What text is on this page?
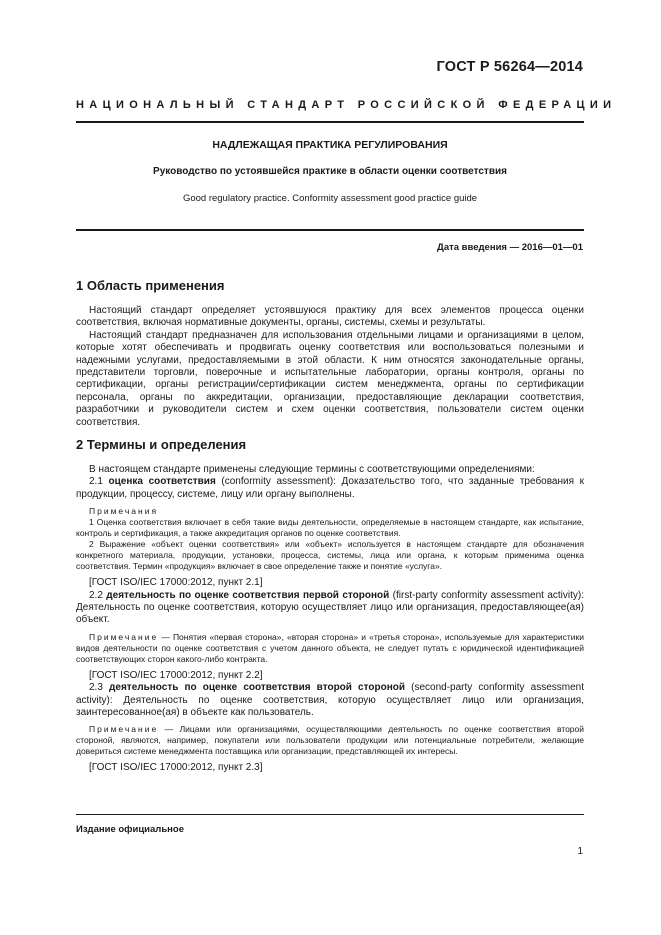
ГОСТ Р 56264—2014
НАЦИОНАЛЬНЫЙ СТАНДАРТ РОССИЙСКОЙ ФЕДЕРАЦИИ
НАДЛЕЖАЩАЯ ПРАКТИКА РЕГУЛИРОВАНИЯ
Руководство по устоявшейся практике в области оценки соответствия
Good regulatory practice. Conformity assessment good practice guide
Дата введения — 2016—01—01
1 Область применения

Настоящий стандарт определяет устоявшуюся практику для всех элементов процесса оценки соответствия, включая нормативные документы, органы, системы, схемы и результаты.

Настоящий стандарт предназначен для использования отдельными лицами и организациями в целом, которые хотят обеспечивать и продвигать оценку соответствия или воспользоваться полезными и надежными услугами, предоставляемыми в этой области. К ним относятся законодательные органы, представители торговли, поверочные и испытательные лаборатории, органы контроля, органы по сертификации, органы регистрации/сертификации систем менеджмента, органы по сертификации персонала, органы по аккредитации, организации, предоставляющие декларации соответствия, разработчики и руководители систем и схем оценки соответствия, пользователи систем оценки соответствия.

2 Термины и определения

В настоящем стандарте применены следующие термины с соответствующими определениями:

2.1 оценка соответствия (conformity assessment): Доказательство того, что заданные требования к продукции, процессу, системе, лицу или органу выполнены.

Примечания

1 Оценка соответствия включает в себя такие виды деятельности, определяемые в настоящем стандарте, как испытание, контроль и сертификация, а также аккредитация органов по оценке соответствия.

2 Выражение «объект оценки соответствия» или «объект» используется в настоящем стандарте для обозначения конкретного материала, продукции, установки, процесса, системы, лица или органа, к которым применима оценка соответствия. Термин «продукция» включает в свое определение также и понятие «услуга».

[ГОСТ ISO/IEC 17000:2012, пункт 2.1]

2.2 деятельность по оценке соответствия первой стороной (first-party conformity assessment activity): Деятельность по оценке соответствия, которую осуществляет лицо или организация, предоставляющее(ая) объект.

Примечание — Понятия «первая сторона», «вторая сторона» и «третья сторона», используемые для характеристики видов деятельности по оценке соответствия с учетом данного объекта, не следует путать с юридической идентификацией соответствующих сторон какого-либо контракта.

[ГОСТ ISO/IEC 17000:2012, пункт 2.2]

2.3 деятельность по оценке соответствия второй стороной (second-party conformity assessment activity): Деятельность по оценке соответствия, которую осуществляет лицо или организация, заинтересованное(ая) в объекте как пользователь.

Примечание — Лицами или организациями, осуществляющими деятельность по оценке соответствия второй стороной, являются, например, покупатели или пользователи продукции или потенциальные потребители, желающие довериться системе менеджмента поставщика или организации, представляющей их интересы.

[ГОСТ ISO/IEC 17000:2012, пункт 2.3]

Издание официальное
1
